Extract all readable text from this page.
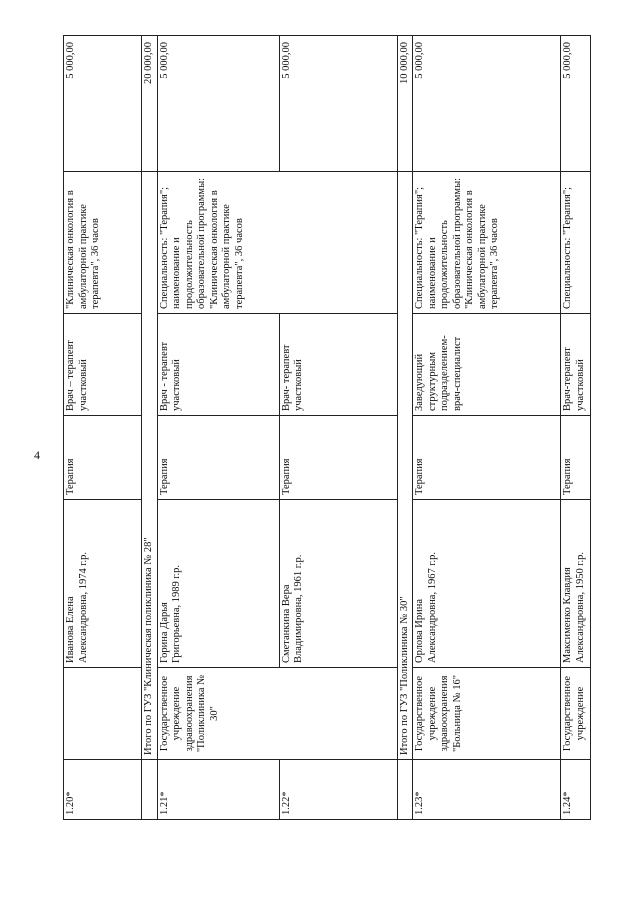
4
1.20*		Иванова Елена
Александровна, 1974 г.р.	Терапия	Врач – терапевт участковый	"Клиническая онкология в амбулаторной практике терапевта", 36 часов	5 000,00
	Итого по ГУЗ "Клиническая поликлиника № 28"					20 000,00
1.21*	Государственное учреждение здравоохранения "Поликлиника № 30"	Горина Дарья
Григорьевна, 1989 г.р.	Терапия	Врач - терапевт участковый	Специальность: "Терапия"; наименование и продолжительность образовательной программы: "Клиническая онкология в амбулаторной практике терапевта", 36 часов	5 000,00
1.22*		Сметанкина Вера
Владимировна, 1961 г.р.	Терапия	Врач- терапевт участковый		5 000,00
	Итого по ГУЗ "Поликлиника № 30"					10 000,00
1.23*	Государственное учреждение здравоохранения "Больница № 16"	Орлова Ирина
Александровна, 1967 г.р.	Терапия	Заведующий структурным подразделением-врач-специалист	Специальность: "Терапия"; наименование и продолжительность образовательной программы: "Клиническая онкология в амбулаторной практике терапевта", 36 часов	5 000,00
1.24*	Государственное учреждение	Максименко Клавдия
Александровна, 1950 г.р.	Терапия	Врач-терапевт участковый	Специальность: "Терапия";	5 000,00
